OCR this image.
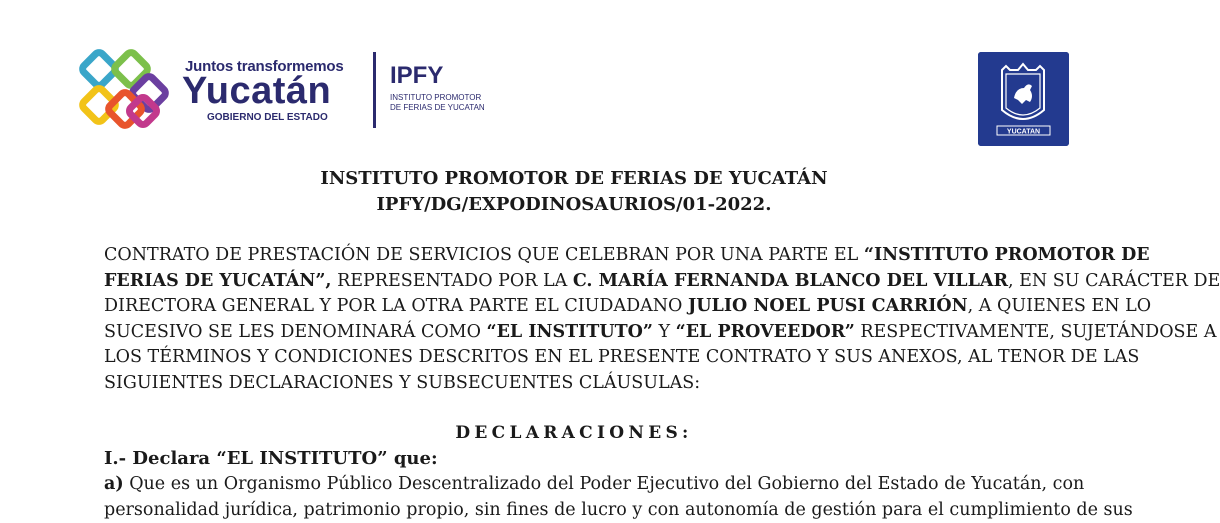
Juntos transformemos
Yucatán
GOBIERNO DEL ESTADO
IPFY
INSTITUTO PROMOTOR
DE FERIAS DE YUCATAN
YUCATAN
INSTITUTO PROMOTOR DE FERIAS DE YUCATÁN
IPFY/DG/EXPODINOSAURIOS/01-2022.
CONTRATO DE PRESTACIÓN DE SERVICIOS QUE CELEBRAN POR UNA PARTE EL “INSTITUTO PROMOTOR DE
FERIAS DE YUCATÁN”, REPRESENTADO POR LA C. MARÍA FERNANDA BLANCO DEL VILLAR, EN SU CARÁCTER DE
DIRECTORA GENERAL Y POR LA OTRA PARTE EL CIUDADANO JULIO NOEL PUSI CARRIÓN, A QUIENES EN LO
SUCESIVO SE LES DENOMINARÁ COMO “EL INSTITUTO” Y “EL PROVEEDOR” RESPECTIVAMENTE, SUJETÁNDOSE A
LOS TÉRMINOS Y CONDICIONES DESCRITOS EN EL PRESENTE CONTRATO Y SUS ANEXOS, AL TENOR DE LAS
SIGUIENTES DECLARACIONES Y SUBSECUENTES CLÁUSULAS:
DECLARACIONES:
I.- Declara “EL INSTITUTO” que:
a) Que es un Organismo Público Descentralizado del Poder Ejecutivo del Gobierno del Estado de Yucatán, con
personalidad jurídica, patrimonio propio, sin fines de lucro y con autonomía de gestión para el cumplimiento de sus
